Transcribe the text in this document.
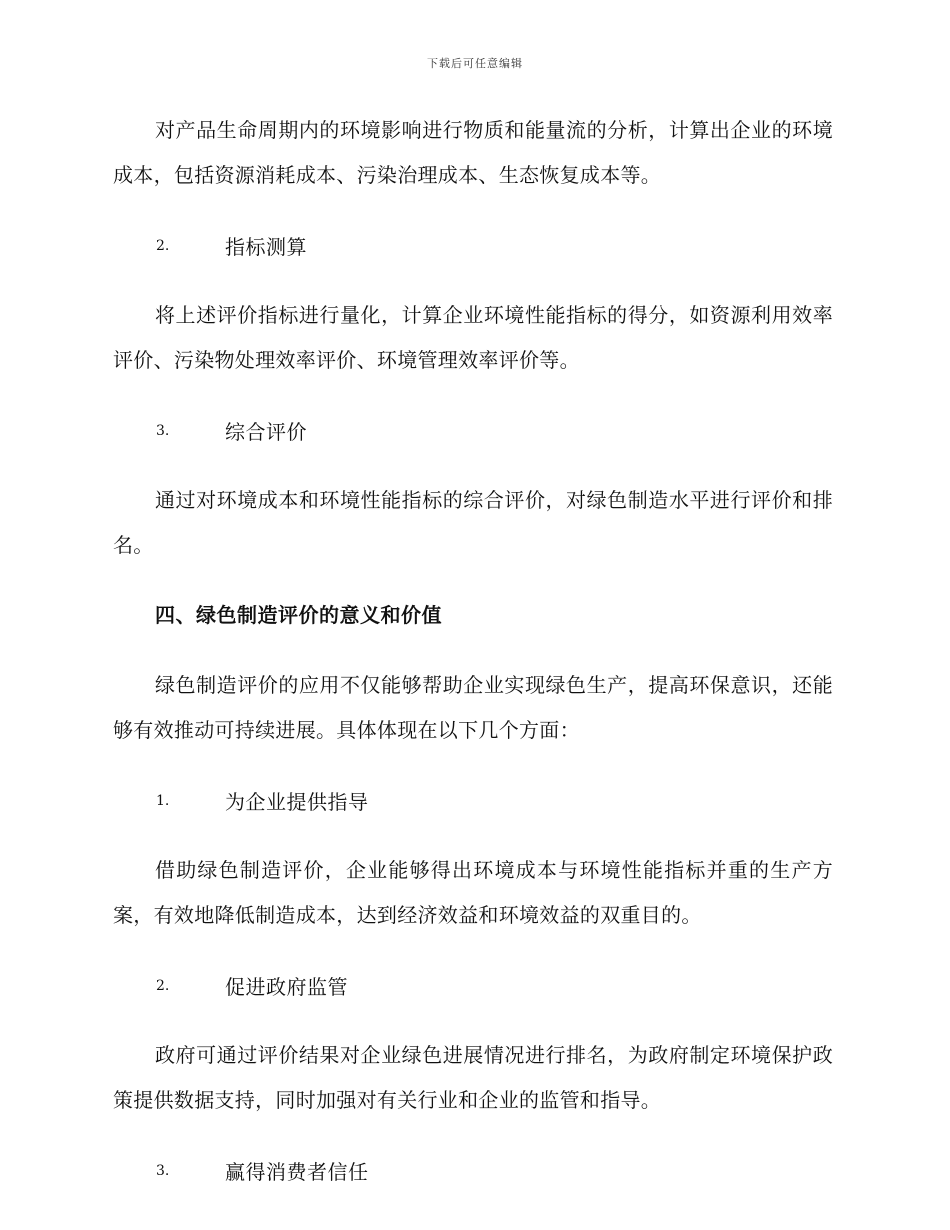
下载后可任意编辑

对产品生命周期内的环境影响进行物质和能量流的分析，计算出企业的环境成本，包括资源消耗成本、污染治理成本、生态恢复成本等。

2.	指标测算

将上述评价指标进行量化，计算企业环境性能指标的得分，如资源利用效率评价、污染物处理效率评价、环境管理效率评价等。

3.	综合评价

通过对环境成本和环境性能指标的综合评价，对绿色制造水平进行评价和排名。

四、绿色制造评价的意义和价值

绿色制造评价的应用不仅能够帮助企业实现绿色生产，提高环保意识，还能够有效推动可持续进展。具体体现在以下几个方面：

1.	为企业提供指导

借助绿色制造评价，企业能够得出环境成本与环境性能指标并重的生产方案，有效地降低制造成本，达到经济效益和环境效益的双重目的。

2.	促进政府监管

政府可通过评价结果对企业绿色进展情况进行排名，为政府制定环境保护政策提供数据支持，同时加强对有关行业和企业的监管和指导。

3.	赢得消费者信任
